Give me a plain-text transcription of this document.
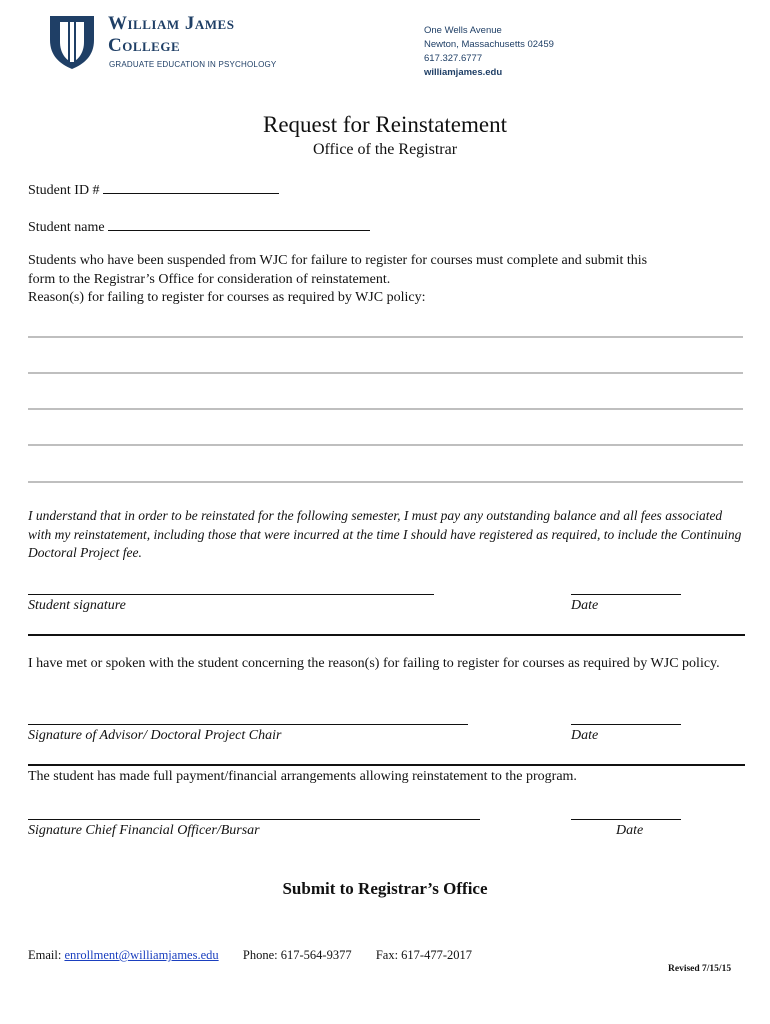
William James
College
GRADUATE EDUCATION IN PSYCHOLOGY
One Wells Avenue
Newton, Massachusetts 02459
617.327.6777
williamjames.edu
Request for Reinstatement
Office of the Registrar
Student ID #
Student name
Students who have been suspended from WJC for failure to register for courses must complete and submit this
form to the Registrar’s Office for consideration of reinstatement.
Reason(s) for failing to register for courses as required by WJC policy:
I understand that in order to be reinstated for the following semester, I must pay any outstanding balance and all fees associated with my reinstatement, including those that were incurred at the time I should have registered as required, to include the Continuing Doctoral Project fee.
Student signature	Date
I have met or spoken with the student concerning the reason(s) for failing to register for courses as required by WJC policy.
Signature of Advisor/ Doctoral Project Chair	Date
The student has made full payment/financial arrangements allowing reinstatement to the program.
Signature Chief Financial Officer/Bursar	Date
Submit to Registrar’s Office
Email: enrollment@williamjames.edu Phone: 617-564-9377 Fax: 617-477-2017
Revised 7/15/15
